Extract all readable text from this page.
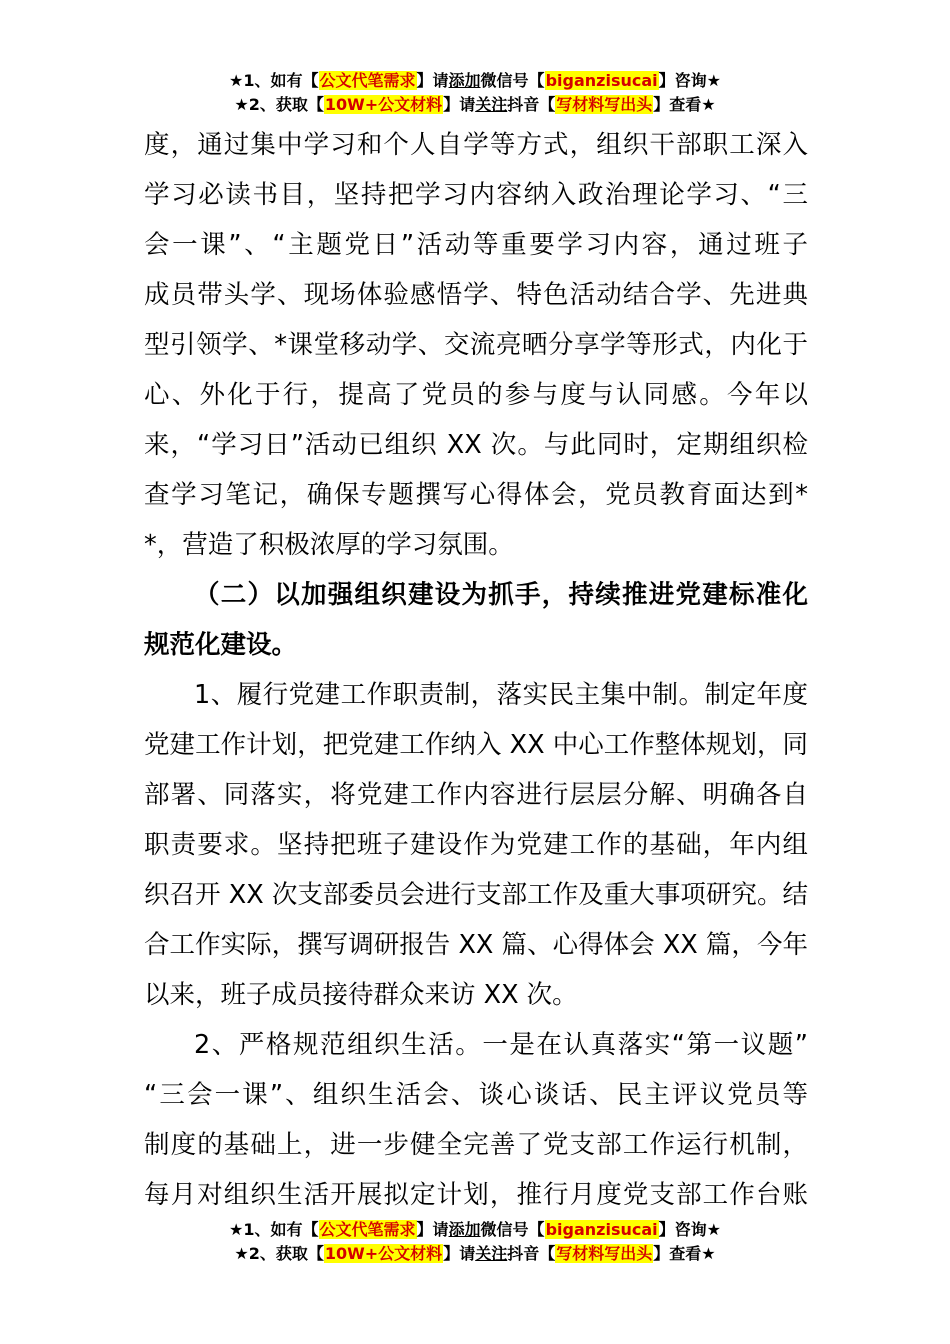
★1、如有【公文代笔需求】请添加微信号【biganzisucai】咨询★
★2、获取【10W+公文材料】请关注抖音【写材料写出头】查看★
度，通过集中学习和个人自学等方式，组织干部职工深入
学习必读书目，坚持把学习内容纳入政治理论学习、“三
会一课”、“主题党日”活动等重要学习内容，通过班子
成员带头学、现场体验感悟学、特色活动结合学、先进典
型引领学、*课堂移动学、交流亮晒分享学等形式，内化于
心、外化于行，提高了党员的参与度与认同感。今年以
来，“学习日”活动已组织 XX 次。与此同时，定期组织检
查学习笔记，确保专题撰写心得体会，党员教育面达到*
*，营造了积极浓厚的学习氛围。
（二）以加强组织建设为抓手，持续推进党建标准化
规范化建设。
1、履行党建工作职责制，落实民主集中制。制定年度
党建工作计划，把党建工作纳入 XX 中心工作整体规划，同
部署、同落实，将党建工作内容进行层层分解、明确各自
职责要求。坚持把班子建设作为党建工作的基础，年内组
织召开 XX 次支部委员会进行支部工作及重大事项研究。结
合工作实际，撰写调研报告 XX 篇、心得体会 XX 篇，今年
以来，班子成员接待群众来访 XX 次。
2、严格规范组织生活。一是在认真落实“第一议题”
“三会一课”、组织生活会、谈心谈话、民主评议党员等
制度的基础上，进一步健全完善了党支部工作运行机制，
每月对组织生活开展拟定计划，推行月度党支部工作台账
★1、如有【公文代笔需求】请添加微信号【biganzisucai】咨询★
★2、获取【10W+公文材料】请关注抖音【写材料写出头】查看★
